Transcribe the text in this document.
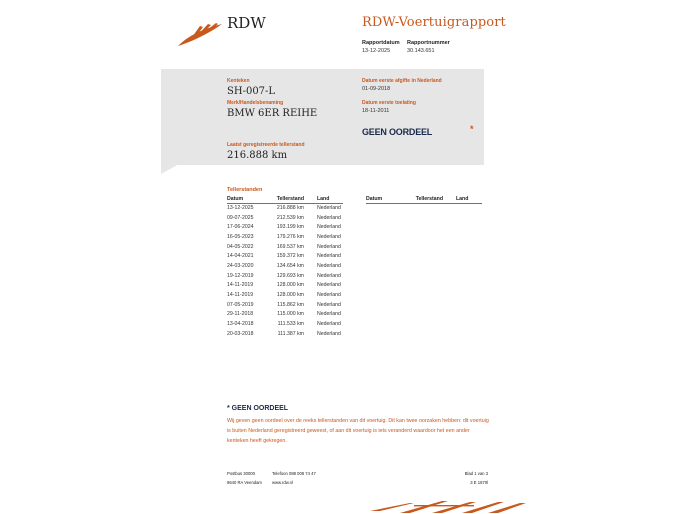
RDW	RDW-Voertuigrapport
Rapportdatum
13-12-2025
Rapportnummer
30.143.651
Kenteken
SH-007-L
Merk/Handelsbenaming
BMW 6ER REIHE
Laatst geregistreerde tellerstand
216.888 km
Datum eerste afgifte in Nederland
01-09-2018
Datum eerste toelating
18-11-2011
GEEN OORDEEL	*
Tellerstanden
Datum	Tellerstand	Land
13-12-2025	216.888 km	Nederland
09-07-2025	212.539 km	Nederland
17-06-2024	193.199 km	Nederland
16-05-2023	179.276 km	Nederland
04-05-2022	169.537 km	Nederland
14-04-2021	159.372 km	Nederland
24-03-2020	134.654 km	Nederland
19-12-2019	129.693 km	Nederland
14-11-2019	128.000 km	Nederland
14-11-2019	128.000 km	Nederland
07-05-2019	115.862 km	Nederland
29-11-2018	115.000 km	Nederland
13-04-2018	111.533 km	Nederland
20-03-2018	111.387 km	Nederland
Datum	Tellerstand	Land
* GEEN OORDEEL
Wij geven geen oordeel over de reeks tellerstanden van dit voertuig. Dit kan twee oorzaken hebben: dit voertuig is buiten Nederland geregistreerd geweest, of aan dit voertuig is iets veranderd waardoor het een ander kenteken heeft gekregen.
Postbus 30000
9640 RA Veendam
Telefoon 088 008 74 47
www.rdw.nl
Blad 1 van 3
3 E 1670l
